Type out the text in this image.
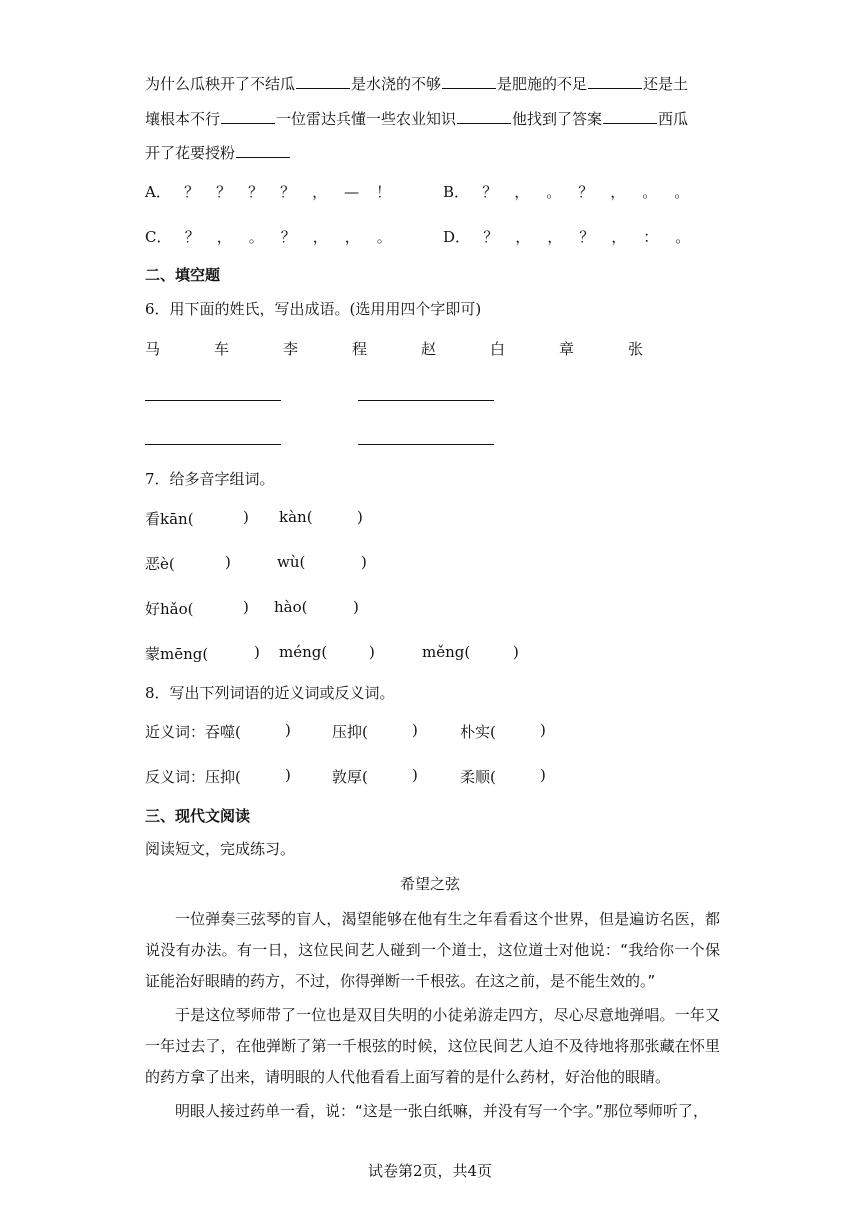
为什么瓜秧开了不结瓜	是水浇的不够	是肥施的不足	还是土
壤根本不行	一位雷达兵懂一些农业知识	他找到了答案	西瓜
开了花要授粉
A． ？ ？ ？ ？ ， — ！	B． ？ ， 。 ？ ， 。 。
C． ？ ， 。 ？ ， ， 。	D． ？ ， ， ？ ， ： 。
二、填空题
6．用下面的姓氏，写出成语。(选用用四个字即可)
马	车	李	程	赵	白	章	张
7．给多音字组词。
看kān(	) kàn(	)
恶è(	)	wù(	)
好hǎo(	) hào(	)
蒙mēng(	) méng(	)	měng(	)
8．写出下列词语的近义词或反义词。
近义词：吞噬(	)	压抑(	)	朴实(	)
反义词：压抑(	)	敦厚(	)	柔顺(	)
三、现代文阅读
阅读短文，完成练习。
希望之弦
一位弹奏三弦琴的盲人，渴望能够在他有生之年看看这个世界，但是遍访名医，都说没有办法。有一日，这位民间艺人碰到一个道士，这位道士对他说：“我给你一个保证能治好眼睛的药方，不过，你得弹断一千根弦。在这之前，是不能生效的。”
于是这位琴师带了一位也是双目失明的小徒弟游走四方，尽心尽意地弹唱。一年又一年过去了，在他弹断了第一千根弦的时候，这位民间艺人迫不及待地将那张藏在怀里的药方拿了出来，请明眼的人代他看看上面写着的是什么药材，好治他的眼睛。
明眼人接过药单一看，说：“这是一张白纸嘛，并没有写一个字。”那位琴师听了，
试卷第2页，共4页
